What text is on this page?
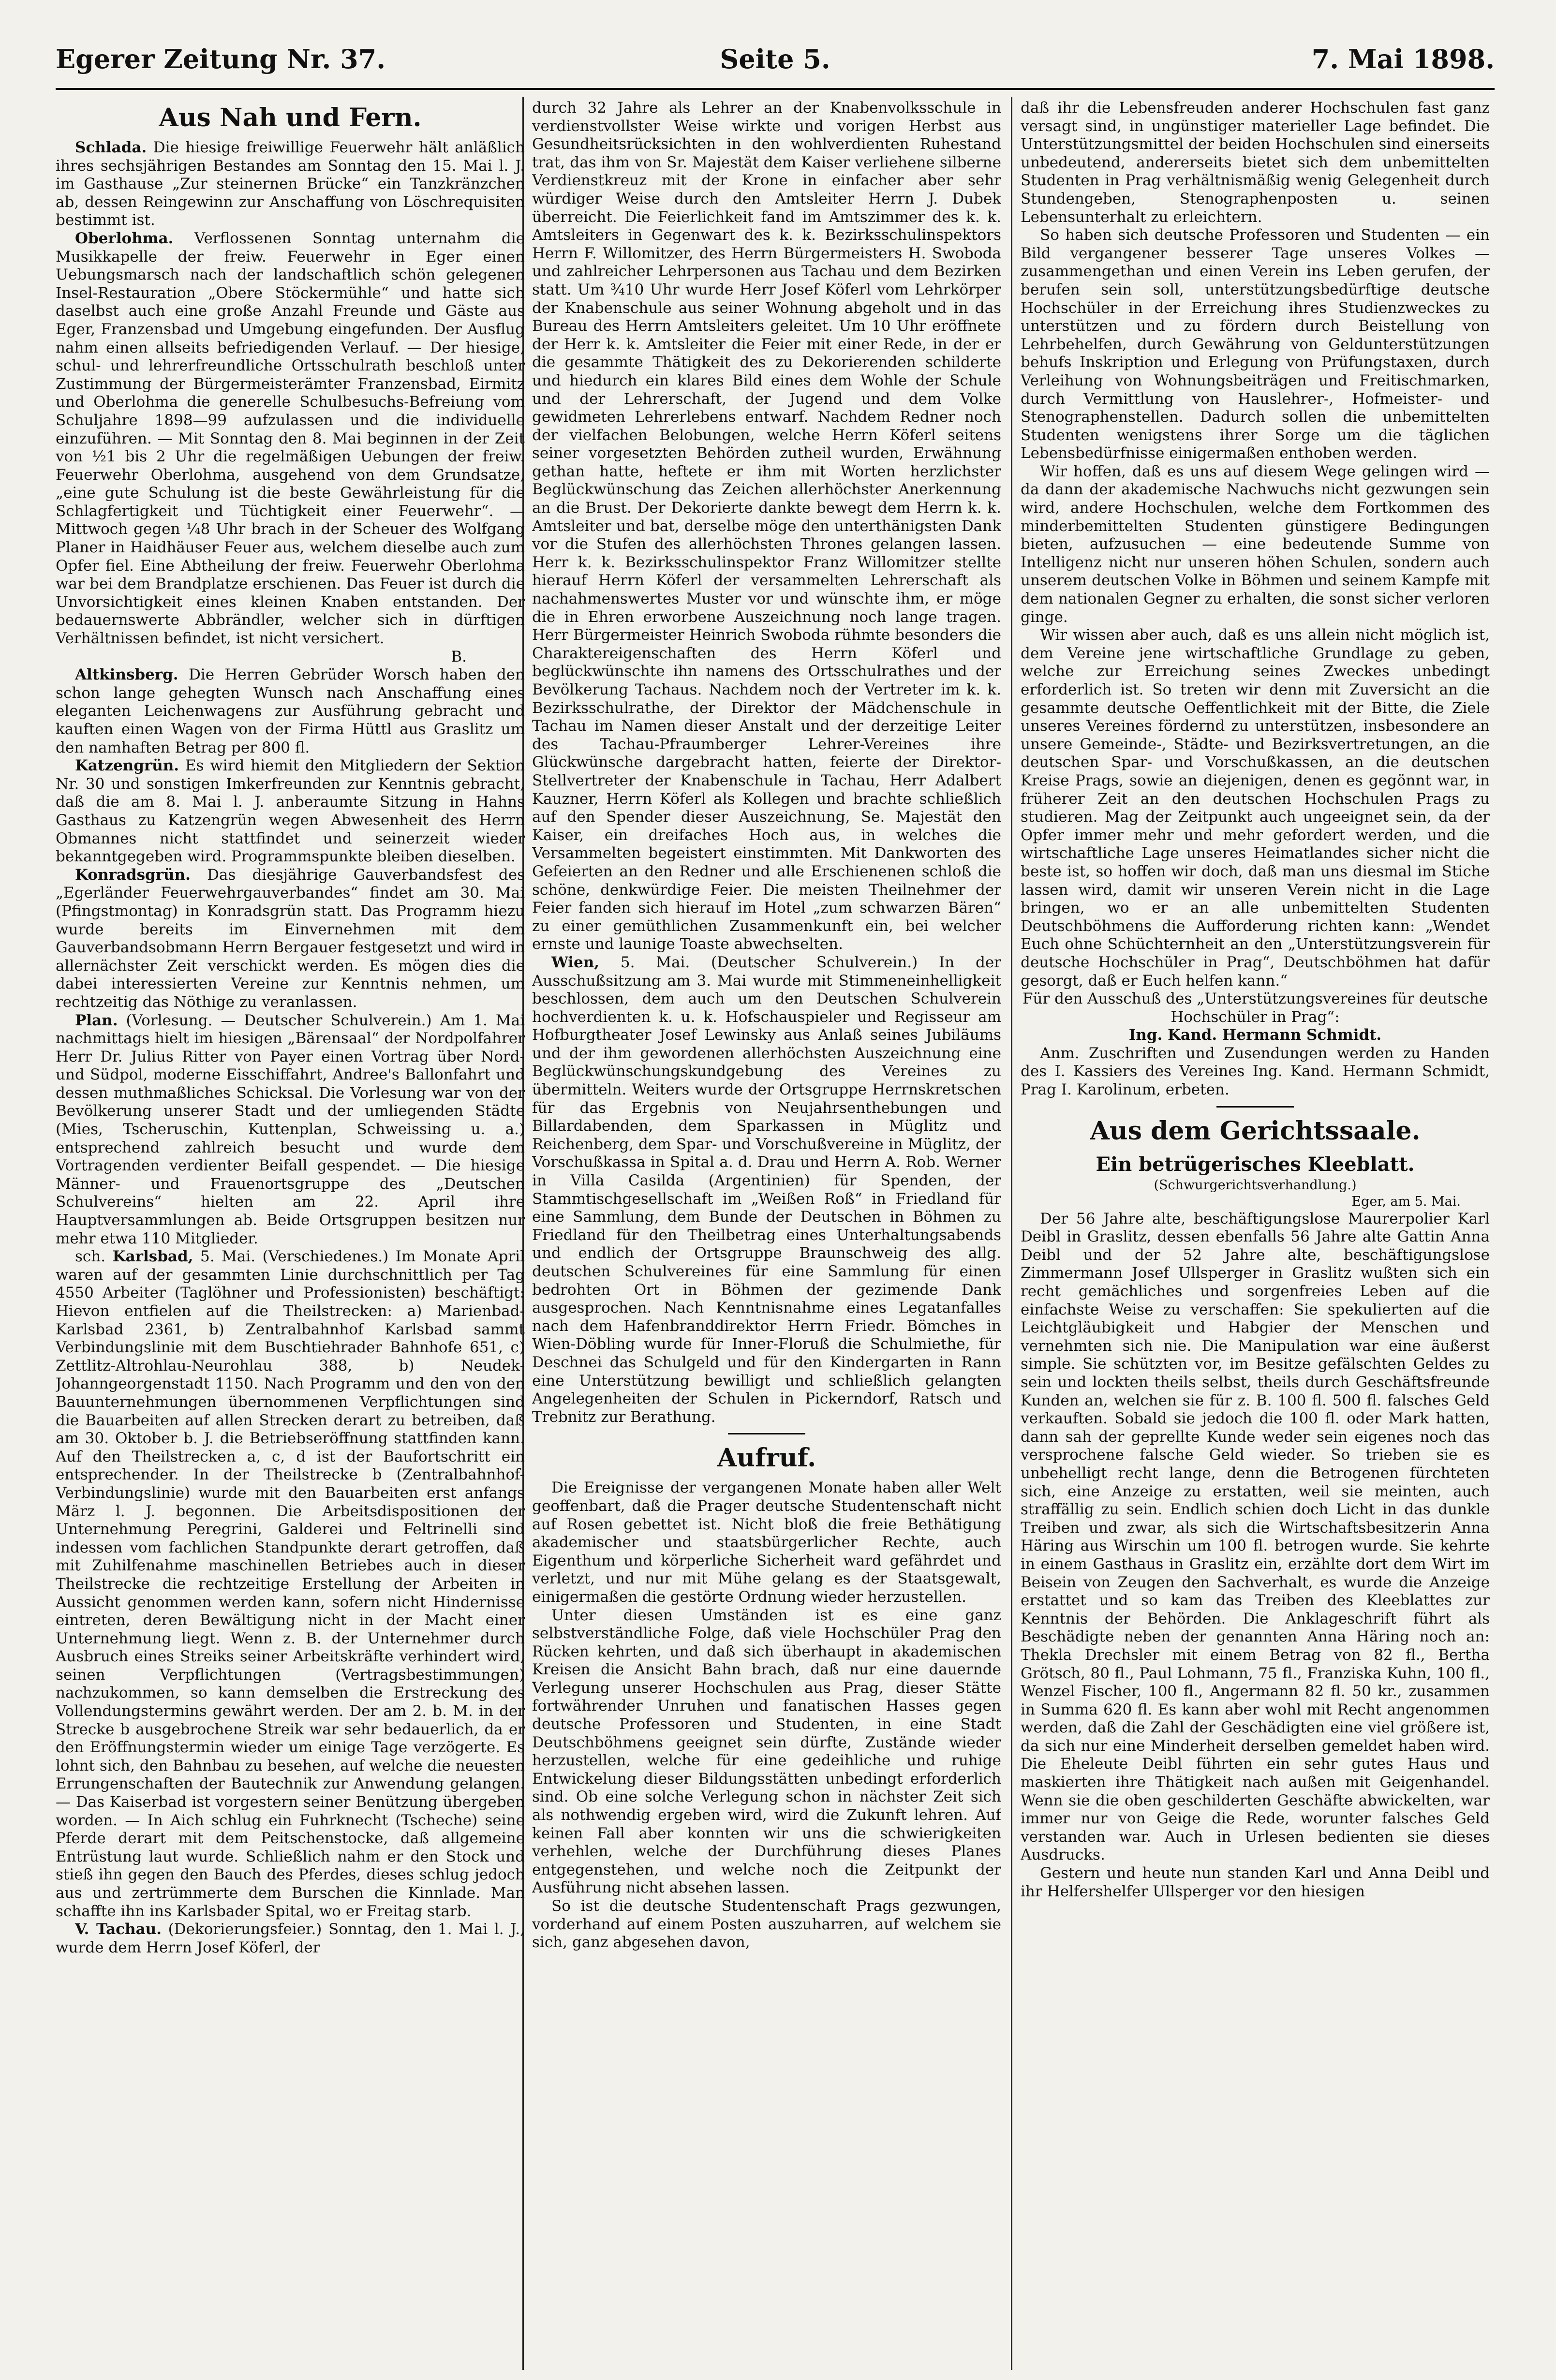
Egerer Zeitung Nr. 37.	Seite 5.	7. Mai 1898.
Aus Nah und Fern.

Schlada. Die hiesige freiwillige Feuerwehr hält anläßlich ihres sechsjährigen Bestandes am Sonntag den 15. Mai l. J. im Gasthause „Zur steinernen Brücke“ ein Tanzkränzchen ab, dessen Reingewinn zur Anschaffung von Löschrequisiten bestimmt ist.

Oberlohma. Verflossenen Sonntag unternahm die Musikkapelle der freiw. Feuerwehr in Eger einen Uebungsmarsch nach der landschaftlich schön gelegenen Insel-Restauration „Obere Stöckermühle“ und hatte sich daselbst auch eine große Anzahl Freunde und Gäste aus Eger, Franzensbad und Umgebung eingefunden. Der Ausflug nahm einen allseits befriedigenden Verlauf. — Der hiesige, schul- und lehrerfreundliche Ortsschulrath beschloß unter Zustimmung der Bürgermeisterämter Franzensbad, Eirmitz und Oberlohma die generelle Schulbesuchs-Befreiung vom Schuljahre 1898—99 aufzulassen und die individuelle einzuführen. — Mit Sonntag den 8. Mai beginnen in der Zeit von ½1 bis 2 Uhr die regelmäßigen Uebungen der freiw. Feuerwehr Oberlohma, ausgehend von dem Grundsatze, „eine gute Schulung ist die beste Gewährleistung für die Schlagfertigkeit und Tüchtigkeit einer Feuerwehr“. — Mittwoch gegen ¼8 Uhr brach in der Scheuer des Wolfgang Planer in Haidhäuser Feuer aus, welchem dieselbe auch zum Opfer fiel. Eine Abtheilung der freiw. Feuerwehr Oberlohma war bei dem Brandplatze erschienen. Das Feuer ist durch die Unvorsichtigkeit eines kleinen Knaben entstanden. Der bedauernswerte Abbrändler, welcher sich in dürftigen Verhältnissen befindet, ist nicht versichert.

B.

Altkinsberg. Die Herren Gebrüder Worsch haben den schon lange gehegten Wunsch nach Anschaffung eines eleganten Leichenwagens zur Ausführung gebracht und kauften einen Wagen von der Firma Hüttl aus Graslitz um den namhaften Betrag per 800 fl.

Katzengrün. Es wird hiemit den Mitgliedern der Sektion Nr. 30 und sonstigen Imkerfreunden zur Kenntnis gebracht, daß die am 8. Mai l. J. anberaumte Sitzung in Hahns Gasthaus zu Katzengrün wegen Abwesenheit des Herrn Obmannes nicht stattfindet und seinerzeit wieder bekanntgegeben wird. Programmspunkte bleiben dieselben.

Konradsgrün. Das diesjährige Gauverbandsfest des „Egerländer Feuerwehrgauverbandes“ findet am 30. Mai (Pfingstmontag) in Konradsgrün statt. Das Programm hiezu wurde bereits im Einvernehmen mit dem Gauverbandsobmann Herrn Bergauer festgesetzt und wird in allernächster Zeit verschickt werden. Es mögen dies die dabei interessierten Vereine zur Kenntnis nehmen, um rechtzeitig das Nöthige zu veranlassen.

Plan. (Vorlesung. — Deutscher Schulverein.) Am 1. Mai nachmittags hielt im hiesigen „Bärensaal“ der Nordpolfahrer Herr Dr. Julius Ritter von Payer einen Vortrag über Nord- und Südpol, moderne Eisschiffahrt, Andree's Ballonfahrt und dessen muthmaßliches Schicksal. Die Vorlesung war von der Bevölkerung unserer Stadt und der umliegenden Städte (Mies, Tscheruschin, Kuttenplan, Schweissing u. a.) entsprechend zahlreich besucht und wurde dem Vortragenden verdienter Beifall gespendet. — Die hiesige Männer- und Frauenortsgruppe des „Deutschen Schulvereins“ hielten am 22. April ihre Hauptversammlungen ab. Beide Ortsgruppen besitzen nur mehr etwa 110 Mitglieder.

sch. Karlsbad, 5. Mai. (Verschiedenes.) Im Monate April waren auf der gesammten Linie durchschnittlich per Tag 4550 Arbeiter (Taglöhner und Professionisten) beschäftigt: Hievon entfielen auf die Theilstrecken: a) Marienbad-Karlsbad 2361, b) Zentralbahnhof Karlsbad sammt Verbindungslinie mit dem Buschtiehrader Bahnhofe 651, c) Zettlitz-Altrohlau-Neurohlau 388, b) Neudek-Johanngeorgenstadt 1150. Nach Programm und den von den Bauunternehmungen übernommenen Verpflichtungen sind die Bauarbeiten auf allen Strecken derart zu betreiben, daß am 30. Oktober b. J. die Betriebseröffnung stattfinden kann. Auf den Theilstrecken a, c, d ist der Baufortschritt ein entsprechender. In der Theilstrecke b (Zentralbahnhof-Verbindungslinie) wurde mit den Bauarbeiten erst anfangs März l. J. begonnen. Die Arbeitsdispositionen der Unternehmung Peregrini, Galderei und Feltrinelli sind indessen vom fachlichen Standpunkte derart getroffen, daß mit Zuhilfenahme maschinellen Betriebes auch in dieser Theilstrecke die rechtzeitige Erstellung der Arbeiten in Aussicht genommen werden kann, sofern nicht Hindernisse eintreten, deren Bewältigung nicht in der Macht einer Unternehmung liegt. Wenn z. B. der Unternehmer durch Ausbruch eines Streiks seiner Arbeitskräfte verhindert wird, seinen Verpflichtungen (Vertragsbestimmungen) nachzukommen, so kann demselben die Erstreckung des Vollendungstermins gewährt werden. Der am 2. b. M. in der Strecke b ausgebrochene Streik war sehr bedauerlich, da er den Eröffnungstermin wieder um einige Tage verzögerte. Es lohnt sich, den Bahnbau zu besehen, auf welche die neuesten Errungenschaften der Bautechnik zur Anwendung gelangen. — Das Kaiserbad ist vorgestern seiner Benützung übergeben worden. — In Aich schlug ein Fuhrknecht (Tscheche) seine Pferde derart mit dem Peitschenstocke, daß allgemeine Entrüstung laut wurde. Schließlich nahm er den Stock und stieß ihn gegen den Bauch des Pferdes, dieses schlug jedoch aus und zertrümmerte dem Burschen die Kinnlade. Man schaffte ihn ins Karlsbader Spital, wo er Freitag starb.

V. Tachau. (Dekorierungsfeier.) Sonntag, den 1. Mai l. J., wurde dem Herrn Josef Köferl, der

durch 32 Jahre als Lehrer an der Knabenvolksschule in verdienstvollster Weise wirkte und vorigen Herbst aus Gesundheitsrücksichten in den wohlverdienten Ruhestand trat, das ihm von Sr. Majestät dem Kaiser verliehene silberne Verdienstkreuz mit der Krone in einfacher aber sehr würdiger Weise durch den Amtsleiter Herrn J. Dubek überreicht. Die Feierlichkeit fand im Amtszimmer des k. k. Amtsleiters in Gegenwart des k. k. Bezirksschulinspektors Herrn F. Willomitzer, des Herrn Bürgermeisters H. Swoboda und zahlreicher Lehrpersonen aus Tachau und dem Bezirken statt. Um ³⁄₄10 Uhr wurde Herr Josef Köferl vom Lehrkörper der Knabenschule aus seiner Wohnung abgeholt und in das Bureau des Herrn Amtsleiters geleitet. Um 10 Uhr eröffnete der Herr k. k. Amtsleiter die Feier mit einer Rede, in der er die gesammte Thätigkeit des zu Dekorierenden schilderte und hiedurch ein klares Bild eines dem Wohle der Schule und der Lehrerschaft, der Jugend und dem Volke gewidmeten Lehrerlebens entwarf. Nachdem Redner noch der vielfachen Belobungen, welche Herrn Köferl seitens seiner vorgesetzten Behörden zutheil wurden, Erwähnung gethan hatte, heftete er ihm mit Worten herzlichster Beglückwünschung das Zeichen allerhöchster Anerkennung an die Brust. Der Dekorierte dankte bewegt dem Herrn k. k. Amtsleiter und bat, derselbe möge den unterthänigsten Dank vor die Stufen des allerhöchsten Thrones gelangen lassen. Herr k. k. Bezirksschulinspektor Franz Willomitzer stellte hierauf Herrn Köferl der versammelten Lehrerschaft als nachahmenswertes Muster vor und wünschte ihm, er möge die in Ehren erworbene Auszeichnung noch lange tragen. Herr Bürgermeister Heinrich Swoboda rühmte besonders die Charaktereigenschaften des Herrn Köferl und beglückwünschte ihn namens des Ortsschulrathes und der Bevölkerung Tachaus. Nachdem noch der Vertreter im k. k. Bezirksschulrathe, der Direktor der Mädchenschule in Tachau im Namen dieser Anstalt und der derzeitige Leiter des Tachau-Pfraumberger Lehrer-Vereines ihre Glückwünsche dargebracht hatten, feierte der Direktor-Stellvertreter der Knabenschule in Tachau, Herr Adalbert Kauzner, Herrn Köferl als Kollegen und brachte schließlich auf den Spender dieser Auszeichnung, Se. Majestät den Kaiser, ein dreifaches Hoch aus, in welches die Versammelten begeistert einstimmten. Mit Dankworten des Gefeierten an den Redner und alle Erschienenen schloß die schöne, denkwürdige Feier. Die meisten Theilnehmer der Feier fanden sich hierauf im Hotel „zum schwarzen Bären“ zu einer gemüthlichen Zusammenkunft ein, bei welcher ernste und launige Toaste abwechselten.

Wien, 5. Mai. (Deutscher Schulverein.) In der Ausschußsitzung am 3. Mai wurde mit Stimmeneinhelligkeit beschlossen, dem auch um den Deutschen Schulverein hochverdienten k. u. k. Hofschauspieler und Regisseur am Hofburgtheater Josef Lewinsky aus Anlaß seines Jubiläums und der ihm gewordenen allerhöchsten Auszeichnung eine Beglückwünschungskundgebung des Vereines zu übermitteln. Weiters wurde der Ortsgruppe Herrnskretschen für das Ergebnis von Neujahrsenthebungen und Billardabenden, dem Sparkassen in Müglitz und Reichenberg, dem Spar- und Vorschußvereine in Müglitz, der Vorschußkassa in Spital a. d. Drau und Herrn A. Rob. Werner in Villa Casilda (Argentinien) für Spenden, der Stammtischgesellschaft im „Weißen Roß“ in Friedland für eine Sammlung, dem Bunde der Deutschen in Böhmen zu Friedland für den Theilbetrag eines Unterhaltungsabends und endlich der Ortsgruppe Braunschweig des allg. deutschen Schulvereines für eine Sammlung für einen bedrohten Ort in Böhmen der gezimende Dank ausgesprochen. Nach Kenntnisnahme eines Legatanfalles nach dem Hafenbranddirektor Herrn Friedr. Bömches in Wien-Döbling wurde für Inner-Floruß die Schulmiethe, für Deschnei das Schulgeld und für den Kindergarten in Rann eine Unterstützung bewilligt und schließlich gelangten Angelegenheiten der Schulen in Pickerndorf, Ratsch und Trebnitz zur Berathung.

Aufruf.

Die Ereignisse der vergangenen Monate haben aller Welt geoffenbart, daß die Prager deutsche Studentenschaft nicht auf Rosen gebettet ist. Nicht bloß die freie Bethätigung akademischer und staatsbürgerlicher Rechte, auch Eigenthum und körperliche Sicherheit ward gefährdet und verletzt, und nur mit Mühe gelang es der Staatsgewalt, einigermaßen die gestörte Ordnung wieder herzustellen.

Unter diesen Umständen ist es eine ganz selbstverständliche Folge, daß viele Hochschüler Prag den Rücken kehrten, und daß sich überhaupt in akademischen Kreisen die Ansicht Bahn brach, daß nur eine dauernde Verlegung unserer Hochschulen aus Prag, dieser Stätte fortwährender Unruhen und fanatischen Hasses gegen deutsche Professoren und Studenten, in eine Stadt Deutschböhmens geeignet sein dürfte, Zustände wieder herzustellen, welche für eine gedeihliche und ruhige Entwickelung dieser Bildungsstätten unbedingt erforderlich sind. Ob eine solche Verlegung schon in nächster Zeit sich als nothwendig ergeben wird, wird die Zukunft lehren. Auf keinen Fall aber konnten wir uns die schwierigkeiten verhehlen, welche der Durchführung dieses Planes entgegenstehen, und welche noch die Zeitpunkt der Ausführung nicht absehen lassen.

So ist die deutsche Studentenschaft Prags gezwungen, vorderhand auf einem Posten auszuharren, auf welchem sie sich, ganz abgesehen davon,

daß ihr die Lebensfreuden anderer Hochschulen fast ganz versagt sind, in ungünstiger materieller Lage befindet. Die Unterstützungsmittel der beiden Hochschulen sind einerseits unbedeutend, andererseits bietet sich dem unbemittelten Studenten in Prag verhältnismäßig wenig Gelegenheit durch Stundengeben, Stenographenposten u. seinen Lebensunterhalt zu erleichtern.

So haben sich deutsche Professoren und Studenten — ein Bild vergangener besserer Tage unseres Volkes — zusammengethan und einen Verein ins Leben gerufen, der berufen sein soll, unterstützungsbedürftige deutsche Hochschüler in der Erreichung ihres Studienzweckes zu unterstützen und zu fördern durch Beistellung von Lehrbehelfen, durch Gewährung von Geldunterstützungen behufs Inskription und Erlegung von Prüfungstaxen, durch Verleihung von Wohnungsbeiträgen und Freitischmarken, durch Vermittlung von Hauslehrer-, Hofmeister- und Stenographenstellen. Dadurch sollen die unbemittelten Studenten wenigstens ihrer Sorge um die täglichen Lebensbedürfnisse einigermaßen enthoben werden.

Wir hoffen, daß es uns auf diesem Wege gelingen wird — da dann der akademische Nachwuchs nicht gezwungen sein wird, andere Hochschulen, welche dem Fortkommen des minderbemittelten Studenten günstigere Bedingungen bieten, aufzusuchen — eine bedeutende Summe von Intelligenz nicht nur unseren höhen Schulen, sondern auch unserem deutschen Volke in Böhmen und seinem Kampfe mit dem nationalen Gegner zu erhalten, die sonst sicher verloren ginge.

Wir wissen aber auch, daß es uns allein nicht möglich ist, dem Vereine jene wirtschaftliche Grundlage zu geben, welche zur Erreichung seines Zweckes unbedingt erforderlich ist. So treten wir denn mit Zuversicht an die gesammte deutsche Oeffentlichkeit mit der Bitte, die Ziele unseres Vereines fördernd zu unterstützen, insbesondere an unsere Gemeinde-, Städte- und Bezirksvertretungen, an die deutschen Spar- und Vorschußkassen, an die deutschen Kreise Prags, sowie an diejenigen, denen es gegönnt war, in früherer Zeit an den deutschen Hochschulen Prags zu studieren. Mag der Zeitpunkt auch ungeeignet sein, da der Opfer immer mehr und mehr gefordert werden, und die wirtschaftliche Lage unseres Heimatlandes sicher nicht die beste ist, so hoffen wir doch, daß man uns diesmal im Stiche lassen wird, damit wir unseren Verein nicht in die Lage bringen, wo er an alle unbemittelten Studenten Deutschböhmens die Aufforderung richten kann: „Wendet Euch ohne Schüchternheit an den „Unterstützungsverein für deutsche Hochschüler in Prag“, Deutschböhmen hat dafür gesorgt, daß er Euch helfen kann.“

Für den Ausschuß des „Unterstützungsvereines für deutsche Hochschüler in Prag“:

Ing. Kand. Hermann Schmidt.

Anm. Zuschriften und Zusendungen werden zu Handen des I. Kassiers des Vereines Ing. Kand. Hermann Schmidt, Prag I. Karolinum, erbeten.

Aus dem Gerichtssaale.
Ein betrügerisches Kleeblatt.
(Schwurgerichtsverhandlung.)
Eger, am 5. Mai.

Der 56 Jahre alte, beschäftigungslose Maurerpolier Karl Deibl in Graslitz, dessen ebenfalls 56 Jahre alte Gattin Anna Deibl und der 52 Jahre alte, beschäftigungslose Zimmermann Josef Ullsperger in Graslitz wußten sich ein recht gemächliches und sorgenfreies Leben auf die einfachste Weise zu verschaffen: Sie spekulierten auf die Leichtgläubigkeit und Habgier der Menschen und vernehmten sich nie. Die Manipulation war eine äußerst simple. Sie schützten vor, im Besitze gefälschten Geldes zu sein und lockten theils selbst, theils durch Geschäftsfreunde Kunden an, welchen sie für z. B. 100 fl. 500 fl. falsches Geld verkauften. Sobald sie jedoch die 100 fl. oder Mark hatten, dann sah der geprellte Kunde weder sein eigenes noch das versprochene falsche Geld wieder. So trieben sie es unbehelligt recht lange, denn die Betrogenen fürchteten sich, eine Anzeige zu erstatten, weil sie meinten, auch straffällig zu sein. Endlich schien doch Licht in das dunkle Treiben und zwar, als sich die Wirtschaftsbesitzerin Anna Häring aus Wirschin um 100 fl. betrogen wurde. Sie kehrte in einem Gasthaus in Graslitz ein, erzählte dort dem Wirt im Beisein von Zeugen den Sachverhalt, es wurde die Anzeige erstattet und so kam das Treiben des Kleeblattes zur Kenntnis der Behörden. Die Anklageschrift führt als Beschädigte neben der genannten Anna Häring noch an: Thekla Drechsler mit einem Betrag von 82 fl., Bertha Grötsch, 80 fl., Paul Lohmann, 75 fl., Franziska Kuhn, 100 fl., Wenzel Fischer, 100 fl., Angermann 82 fl. 50 kr., zusammen in Summa 620 fl. Es kann aber wohl mit Recht angenommen werden, daß die Zahl der Geschädigten eine viel größere ist, da sich nur eine Minderheit derselben gemeldet haben wird. Die Eheleute Deibl führten ein sehr gutes Haus und maskierten ihre Thätigkeit nach außen mit Geigenhandel. Wenn sie die oben geschilderten Geschäfte abwickelten, war immer nur von Geige die Rede, worunter falsches Geld verstanden war. Auch in Urlesen bedienten sie dieses Ausdrucks.

Gestern und heute nun standen Karl und Anna Deibl und ihr Helfershelfer Ullsperger vor den hiesigen
